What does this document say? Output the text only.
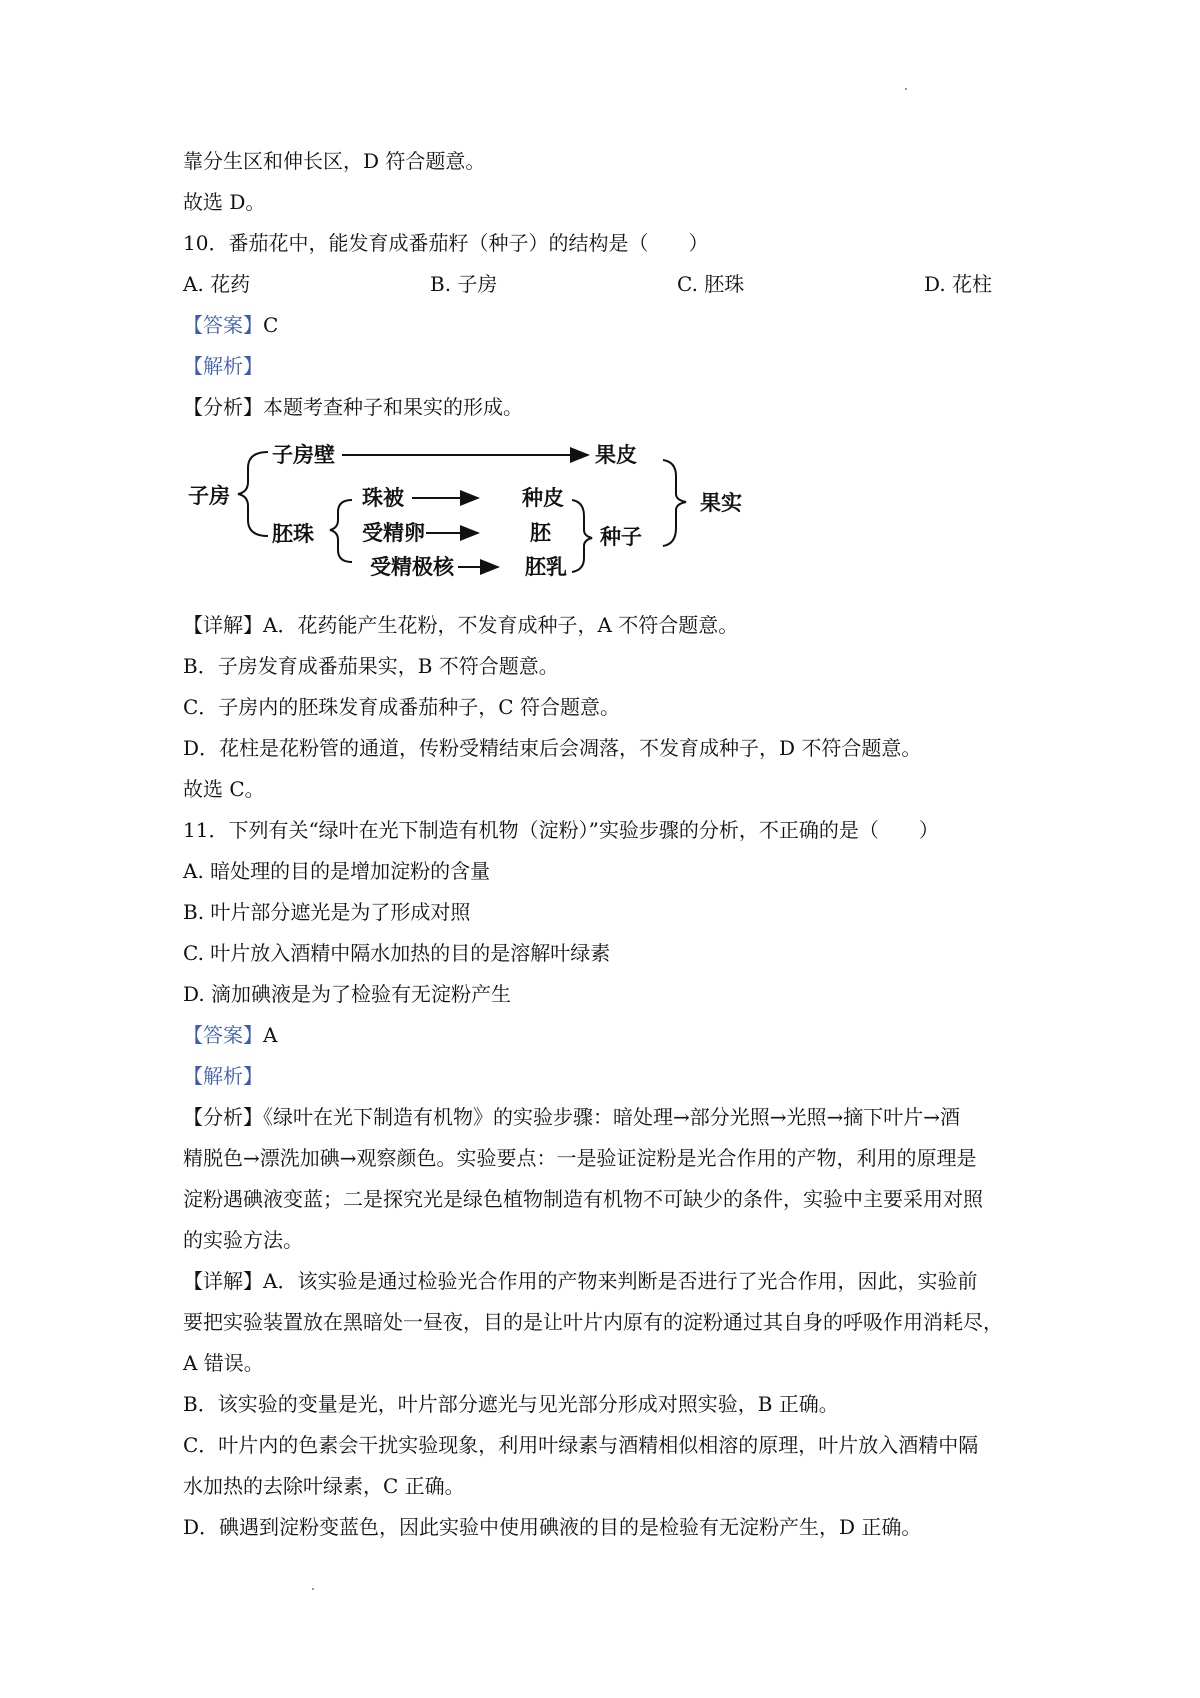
靠分生区和伸长区，D 符合题意。
故选 D。
10．番茄花中，能发育成番茄籽（种子）的结构是（　　）
A. 花药	B. 子房	C. 胚珠	D. 花柱
【答案】C
【解析】
【分析】本题考查种子和果实的形成。
子房
子房壁	果皮
胚珠
珠被	种皮
受精卵	胚
受精极核	胚乳
种子
果实
【详解】A．花药能产生花粉，不发育成种子，A 不符合题意。
B．子房发育成番茄果实，B 不符合题意。
C．子房内的胚珠发育成番茄种子，C 符合题意。
D．花柱是花粉管的通道，传粉受精结束后会凋落，不发育成种子，D 不符合题意。
故选 C。
11．下列有关“绿叶在光下制造有机物（淀粉）”实验步骤的分析，不正确的是（　　）
A. 暗处理的目的是增加淀粉的含量
B. 叶片部分遮光是为了形成对照
C. 叶片放入酒精中隔水加热的目的是溶解叶绿素
D. 滴加碘液是为了检验有无淀粉产生
【答案】A
【解析】
【分析】《绿叶在光下制造有机物》的实验步骤：暗处理→部分光照→光照→摘下叶片→酒
精脱色→漂洗加碘→观察颜色。实验要点：一是验证淀粉是光合作用的产物，利用的原理是
淀粉遇碘液变蓝；二是探究光是绿色植物制造有机物不可缺少的条件，实验中主要采用对照
的实验方法。
【详解】A．该实验是通过检验光合作用的产物来判断是否进行了光合作用，因此，实验前
要把实验装置放在黑暗处一昼夜，目的是让叶片内原有的淀粉通过其自身的呼吸作用消耗尽，
A 错误。
B．该实验的变量是光，叶片部分遮光与见光部分形成对照实验，B 正确。
C．叶片内的色素会干扰实验现象，利用叶绿素与酒精相似相溶的原理，叶片放入酒精中隔
水加热的去除叶绿素，C 正确。
D．碘遇到淀粉变蓝色，因此实验中使用碘液的目的是检验有无淀粉产生，D 正确。
